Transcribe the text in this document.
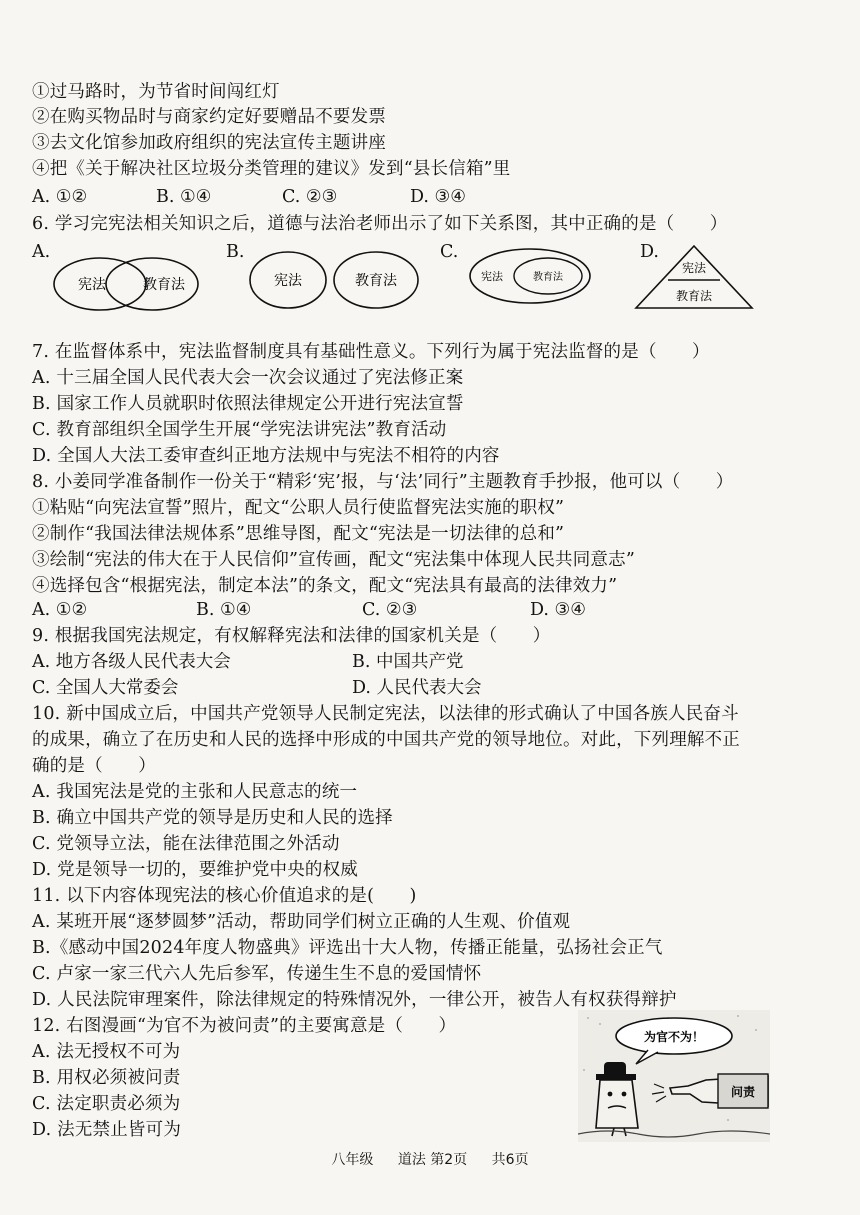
①过马路时，为节省时间闯红灯
②在购买物品时与商家约定好要赠品不要发票
③去文化馆参加政府组织的宪法宣传主题讲座
④把《关于解决社区垃圾分类管理的建议》发到“县长信箱”里
A. ①②	B. ①④	C. ②③	D. ③④
6. 学习完宪法相关知识之后，道德与法治老师出示了如下关系图，其中正确的是（　　）
A.	B.	C.	D.
宪法	教育法	宪法	教育法	宪法	教育法
宪法
教育法
7. 在监督体系中，宪法监督制度具有基础性意义。下列行为属于宪法监督的是（　　）
A. 十三届全国人民代表大会一次会议通过了宪法修正案
B. 国家工作人员就职时依照法律规定公开进行宪法宣誓
C. 教育部组织全国学生开展“学宪法讲宪法”教育活动
D. 全国人大法工委审查纠正地方法规中与宪法不相符的内容
8. 小姜同学准备制作一份关于“精彩‘宪’报，与‘法’同行”主题教育手抄报，他可以（　　）
①粘贴“向宪法宣誓”照片，配文“公职人员行使监督宪法实施的职权”
②制作“我国法律法规体系”思维导图，配文“宪法是一切法律的总和”
③绘制“宪法的伟大在于人民信仰”宣传画，配文“宪法集中体现人民共同意志”
④选择包含“根据宪法，制定本法”的条文，配文“宪法具有最高的法律效力”
A. ①②	B. ①④	C. ②③	D. ③④
9. 根据我国宪法规定，有权解释宪法和法律的国家机关是（　　）
A. 地方各级人民代表大会	B. 中国共产党
C. 全国人大常委会	D. 人民代表大会
10. 新中国成立后，中国共产党领导人民制定宪法，以法律的形式确认了中国各族人民奋斗
的成果，确立了在历史和人民的选择中形成的中国共产党的领导地位。对此，下列理解不正
确的是（　　）
A. 我国宪法是党的主张和人民意志的统一
B. 确立中国共产党的领导是历史和人民的选择
C. 党领导立法，能在法律范围之外活动
D. 党是领导一切的，要维护党中央的权威
11. 以下内容体现宪法的核心价值追求的是(　　)
A. 某班开展“逐梦圆梦”活动，帮助同学们树立正确的人生观、价值观
B.《感动中国2024年度人物盛典》评选出十大人物，传播正能量，弘扬社会正气
C. 卢家一家三代六人先后参军，传递生生不息的爱国情怀
D. 人民法院审理案件，除法律规定的特殊情况外，一律公开，被告人有权获得辩护
12. 右图漫画“为官不为被问责”的主要寓意是（　　）
A. 法无授权不可为
B. 用权必须被问责
C. 法定职责必须为
D. 法无禁止皆可为
为官不为！
问责
八年级 道法 第2页 共6页
